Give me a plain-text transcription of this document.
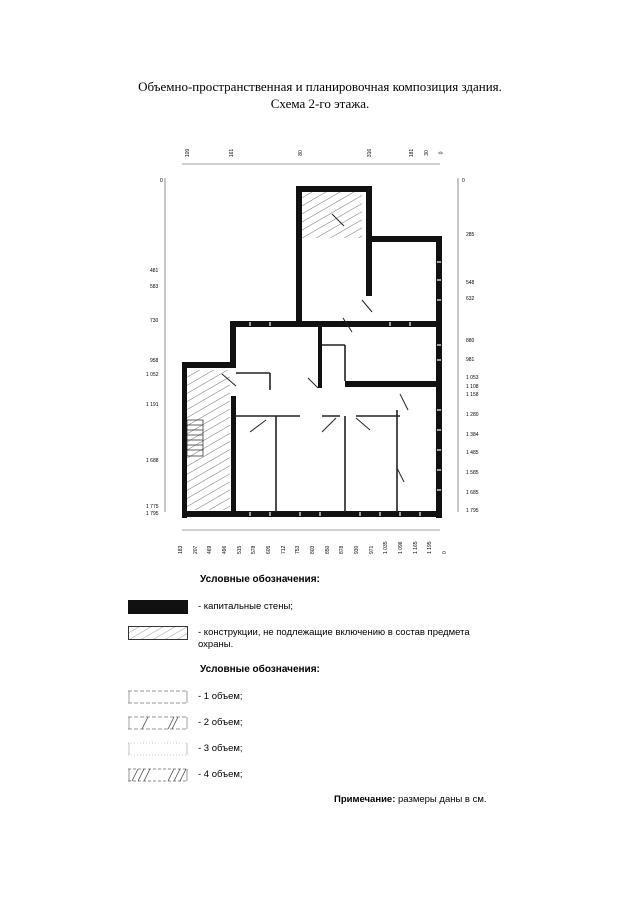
Объемно-пространственная и планировочная композиция здания.
Схема 2-го этажа.
109	161	80	316	181 30 0
0
481
583
730
958
1 052
1 191
1 688
1 775
1 795
0
285
548
632
880
981
1 053
1 108
1 158
1 280
1 384
1 485
1 585
1 685
1 795
183 207 469 496 515 578 605 712 753 803 850 878 930 971 1 035 1 096 1 165 1 195 0
Условные обозначения:
- капитальные стены;
- конструкции, не подлежащие включению в состав предмета
охраны.
Условные обозначения:
- 1 объем;
- 2 объем;
- 3 объем;
- 4 объем;
Примечание: размеры даны в см.
